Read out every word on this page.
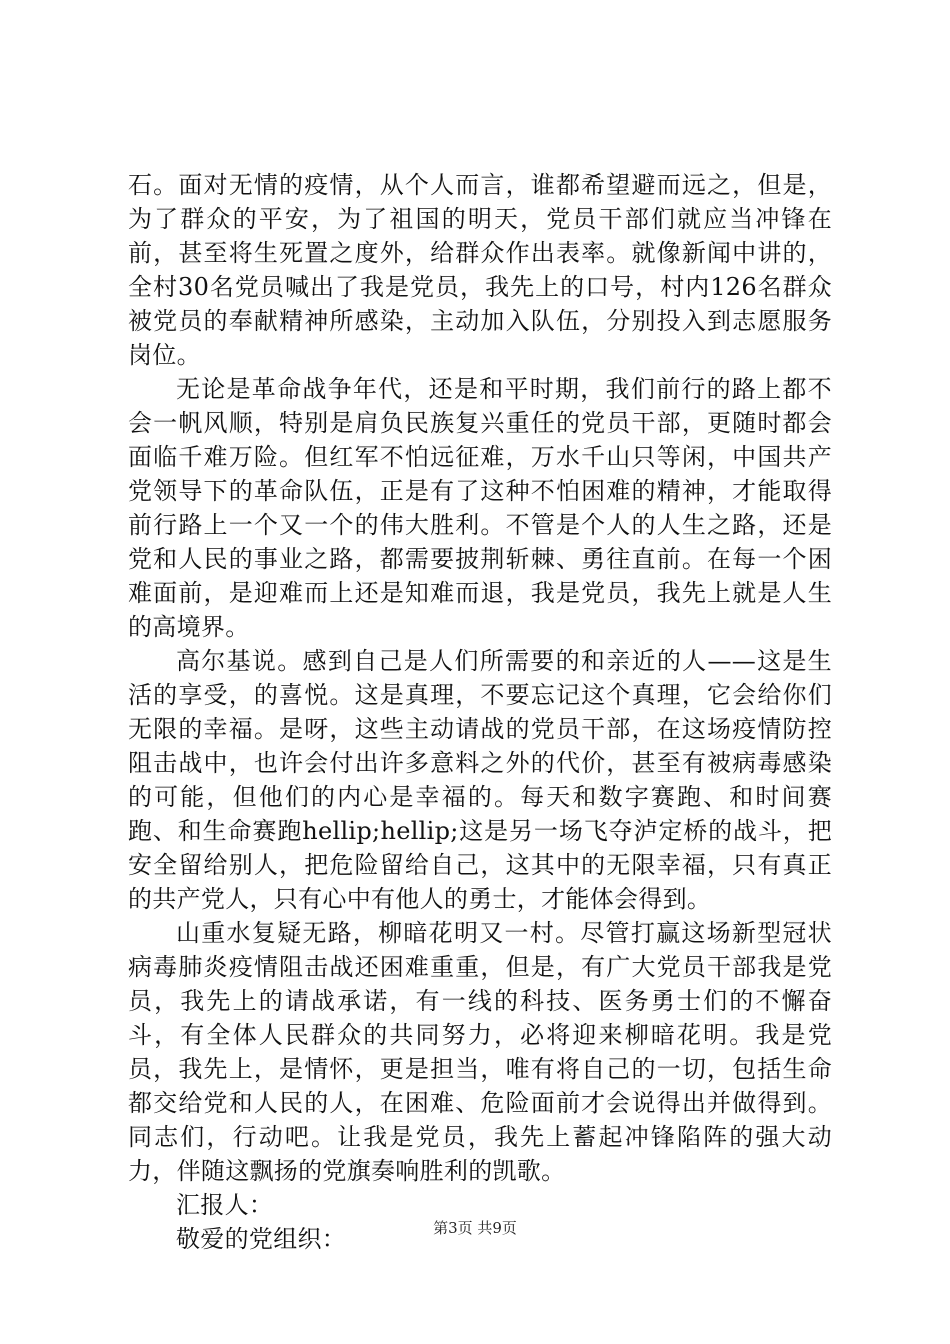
石。面对无情的疫情，从个人而言，谁都希望避而远之，但是，为了群众的平安，为了祖国的明天，党员干部们就应当冲锋在前，甚至将生死置之度外，给群众作出表率。就像新闻中讲的，全村30名党员喊出了我是党员，我先上的口号，村内126名群众被党员的奉献精神所感染，主动加入队伍，分别投入到志愿服务岗位。

无论是革命战争年代，还是和平时期，我们前行的路上都不会一帆风顺，特别是肩负民族复兴重任的党员干部，更随时都会面临千难万险。但红军不怕远征难，万水千山只等闲，中国共产党领导下的革命队伍，正是有了这种不怕困难的精神，才能取得前行路上一个又一个的伟大胜利。不管是个人的人生之路，还是党和人民的事业之路，都需要披荆斩棘、勇往直前。在每一个困难面前，是迎难而上还是知难而退，我是党员，我先上就是人生的高境界。

高尔基说。感到自己是人们所需要的和亲近的人——这是生活的享受，的喜悦。这是真理，不要忘记这个真理，它会给你们无限的幸福。是呀，这些主动请战的党员干部，在这场疫情防控阻击战中，也许会付出许多意料之外的代价，甚至有被病毒感染的可能，但他们的内心是幸福的。每天和数字赛跑、和时间赛跑、和生命赛跑hellip;hellip;这是另一场飞夺泸定桥的战斗，把安全留给别人，把危险留给自己，这其中的无限幸福，只有真正的共产党人，只有心中有他人的勇士，才能体会得到。

山重水复疑无路，柳暗花明又一村。尽管打赢这场新型冠状病毒肺炎疫情阻击战还困难重重，但是，有广大党员干部我是党员，我先上的请战承诺，有一线的科技、医务勇士们的不懈奋斗，有全体人民群众的共同努力，必将迎来柳暗花明。我是党员，我先上，是情怀，更是担当，唯有将自己的一切，包括生命都交给党和人民的人，在困难、危险面前才会说得出并做得到。同志们，行动吧。让我是党员，我先上蓄起冲锋陷阵的强大动力，伴随这飘扬的党旗奏响胜利的凯歌。

汇报人：

敬爱的党组织：	第3页 共9页
